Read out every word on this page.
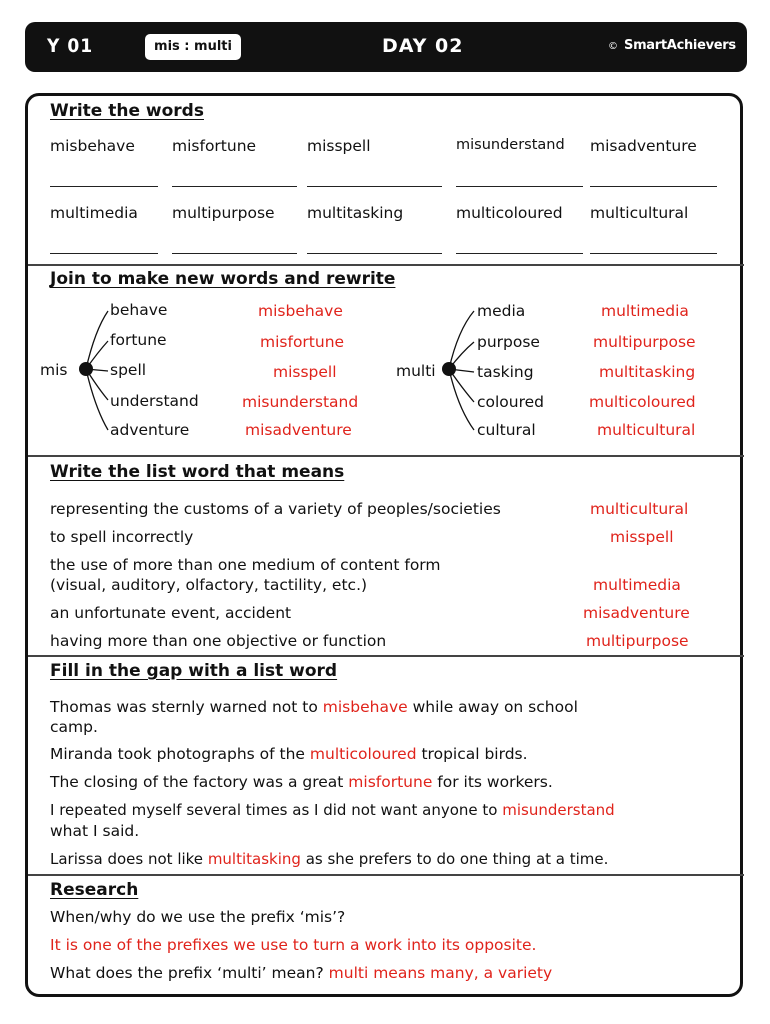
Y 01	mis : multi	DAY 02	© SmartAchievers
Write the words
misbehave misfortune	misspell	misunderstand misadventure
multimedia multipurpose multitasking	multicoloured multicultural
Join to make new words and rewrite
mis
behave
fortune
spell
understand
adventure
misbehave
misfortune
misspell
misunderstand
misadventure
multi
media
purpose
tasking
coloured
cultural
multimedia
multipurpose
multitasking
multicoloured
multicultural
Write the list word that means
representing the customs of a variety of peoples/societies	multicultural
to spell incorrectly	misspell
the use of more than one medium of content form
(visual, auditory, olfactory, tactility, etc.)	multimedia
an unfortunate event, accident	misadventure
having more than one objective or function	multipurpose
Fill in the gap with a list word
Thomas was sternly warned not to misbehave while away on school
camp.
Miranda took photographs of the multicoloured tropical birds.
The closing of the factory was a great misfortune for its workers.
I repeated myself several times as I did not want anyone to misunderstand
what I said.
Larissa does not like multitasking as she prefers to do one thing at a time.
Research
When/why do we use the prefix ‘mis’?
It is one of the prefixes we use to turn a work into its opposite.
What does the prefix ‘multi’ mean? multi means many, a variety
